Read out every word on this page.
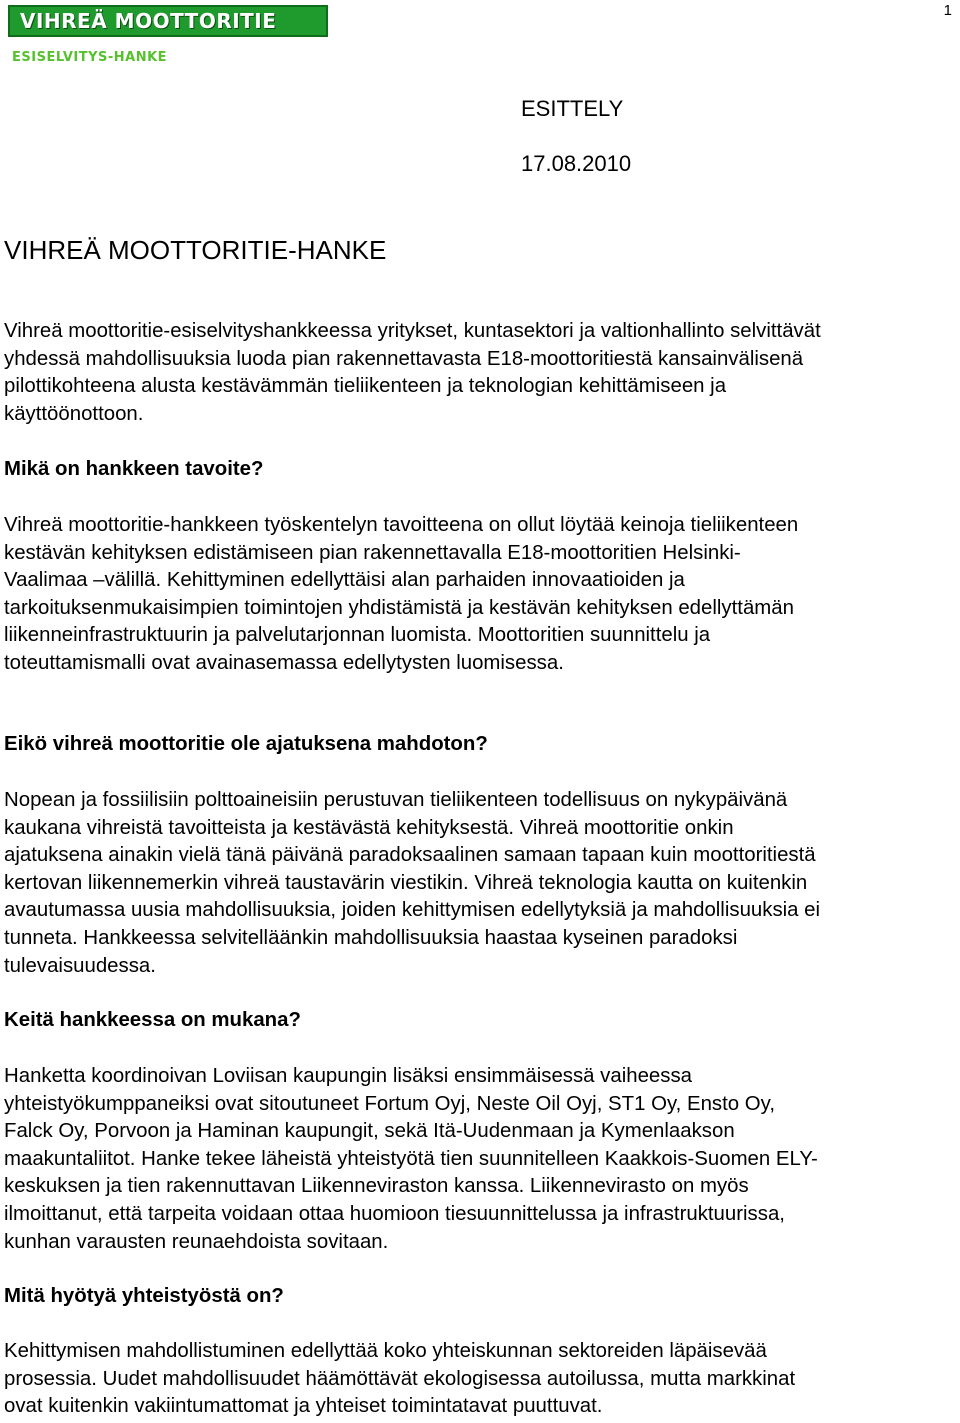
VIHREÄ MOOTTORITIE
ESISELVITYS-HANKE
1
ESITTELY
17.08.2010
VIHREÄ MOOTTORITIE-HANKE

Vihreä moottoritie-esiselvityshankkeessa yritykset, kuntasektori ja valtionhallinto selvittävät
yhdessä mahdollisuuksia luoda pian rakennettavasta E18-moottoritiestä kansainvälisenä
pilottikohteena alusta kestävämmän tieliikenteen ja teknologian kehittämiseen ja
käyttöönottoon.

Mikä on hankkeen tavoite?

Vihreä moottoritie-hankkeen työskentelyn tavoitteena on ollut löytää keinoja tieliikenteen
kestävän kehityksen edistämiseen pian rakennettavalla E18-moottoritien Helsinki-
Vaalimaa –välillä. Kehittyminen edellyttäisi alan parhaiden innovaatioiden ja
tarkoituksenmukaisimpien toimintojen yhdistämistä ja kestävän kehityksen edellyttämän
liikenneinfrastruktuurin ja palvelutarjonnan luomista. Moottoritien suunnittelu ja
toteuttamismalli ovat avainasemassa edellytysten luomisessa.

Eikö vihreä moottoritie ole ajatuksena mahdoton?

Nopean ja fossiilisiin polttoaineisiin perustuvan tieliikenteen todellisuus on nykypäivänä
kaukana vihreistä tavoitteista ja kestävästä kehityksestä. Vihreä moottoritie onkin
ajatuksena ainakin vielä tänä päivänä paradoksaalinen samaan tapaan kuin moottoritiestä
kertovan liikennemerkin vihreä taustavärin viestikin. Vihreä teknologia kautta on kuitenkin
avautumassa uusia mahdollisuuksia, joiden kehittymisen edellytyksiä ja mahdollisuuksia ei
tunneta. Hankkeessa selvitelläänkin mahdollisuuksia haastaa kyseinen paradoksi
tulevaisuudessa.

Keitä hankkeessa on mukana?

Hanketta koordinoivan Loviisan kaupungin lisäksi ensimmäisessä vaiheessa
yhteistyökumppaneiksi ovat sitoutuneet Fortum Oyj, Neste Oil Oyj, ST1 Oy, Ensto Oy,
Falck Oy, Porvoon ja Haminan kaupungit, sekä Itä-Uudenmaan ja Kymenlaakson
maakuntaliitot. Hanke tekee läheistä yhteistyötä tien suunnitelleen Kaakkois-Suomen ELY-
keskuksen ja tien rakennuttavan Liikenneviraston kanssa. Liikennevirasto on myös
ilmoittanut, että tarpeita voidaan ottaa huomioon tiesuunnittelussa ja infrastruktuurissa,
kunhan varausten reunaehdoista sovitaan.

Mitä hyötyä yhteistyöstä on?

Kehittymisen mahdollistuminen edellyttää koko yhteiskunnan sektoreiden läpäisevää
prosessia. Uudet mahdollisuudet häämöttävät ekologisessa autoilussa, mutta markkinat
ovat kuitenkin vakiintumattomat ja yhteiset toimintatavat puuttuvat.
